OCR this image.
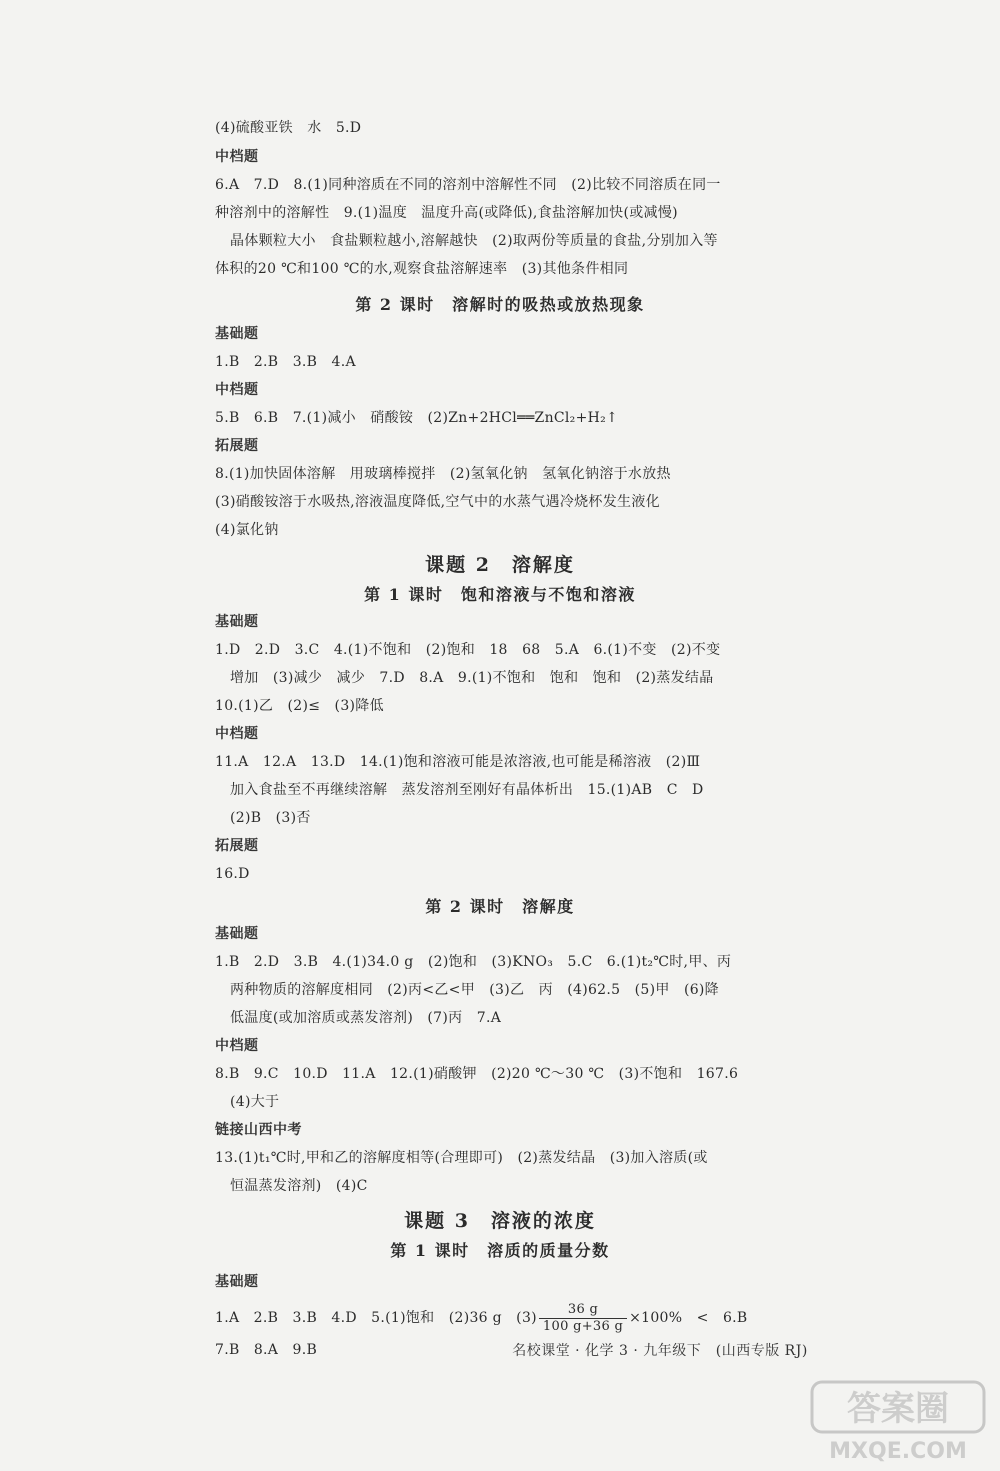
(4)硫酸亚铁　水　5.D
中档题
6.A　7.D　8.(1)同种溶质在不同的溶剂中溶解性不同　(2)比较不同溶质在同一
种溶剂中的溶解性　9.(1)温度　温度升高(或降低),食盐溶解加快(或减慢)
晶体颗粒大小　食盐颗粒越小,溶解越快　(2)取两份等质量的食盐,分别加入等
体积的20 ℃和100 ℃的水,观察食盐溶解速率　(3)其他条件相同
第 2 课时　溶解时的吸热或放热现象
基础题
1.B　2.B　3.B　4.A
中档题
5.B　6.B　7.(1)减小　硝酸铵　(2)Zn+2HCl══ZnCl₂+H₂↑
拓展题
8.(1)加快固体溶解　用玻璃棒搅拌　(2)氢氧化钠　氢氧化钠溶于水放热
(3)硝酸铵溶于水吸热,溶液温度降低,空气中的水蒸气遇冷烧杯发生液化
(4)氯化钠
课题 2　溶解度
第 1 课时　饱和溶液与不饱和溶液
基础题
1.D　2.D　3.C　4.(1)不饱和　(2)饱和　18　68　5.A　6.(1)不变　(2)不变
增加　(3)减少　减少　7.D　8.A　9.(1)不饱和　饱和　饱和　(2)蒸发结晶
10.(1)乙　(2)≤　(3)降低
中档题
11.A　12.A　13.D　14.(1)饱和溶液可能是浓溶液,也可能是稀溶液　(2)Ⅲ
加入食盐至不再继续溶解　蒸发溶剂至刚好有晶体析出　15.(1)AB　C　D
(2)B　(3)否
拓展题
16.D
第 2 课时　溶解度
基础题
1.B　2.D　3.B　4.(1)34.0 g　(2)饱和　(3)KNO₃　5.C　6.(1)t₂℃时,甲、丙
两种物质的溶解度相同　(2)丙<乙<甲　(3)乙　丙　(4)62.5　(5)甲　(6)降
低温度(或加溶质或蒸发溶剂)　(7)丙　7.A
中档题
8.B　9.C　10.D　11.A　12.(1)硝酸钾　(2)20 ℃～30 ℃　(3)不饱和　167.6
(4)大于
链接山西中考
13.(1)t₁℃时,甲和乙的溶解度相等(合理即可)　(2)蒸发结晶　(3)加入溶质(或
恒温蒸发溶剂)　(4)C
课题 3　溶液的浓度
第 1 课时　溶质的质量分数
基础题
1.A　2.B　3.B　4.D　5.(1)饱和　(2)36 g　$(3) \frac{36 g}{100 g+36 g} \times 100\%$　<　6.B
7.B　8.A　9.B	名校课堂 · 化学 3 · 九年级下　(山西专版 RJ)
答案圈
MXQE.COM
